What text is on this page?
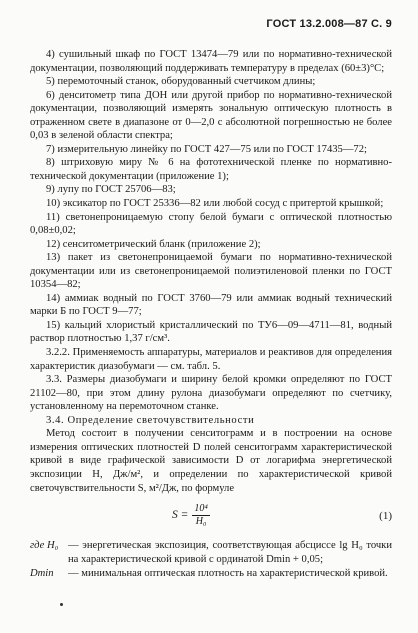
ГОСТ 13.2.008—87 С. 9

4) сушильный шкаф по ГОСТ 13474—79 или по нормативно-технической документации, позволяющий поддерживать температуру в пределах (60±3)°С;

5) перемоточный станок, оборудованный счетчиком длины;

6) денситометр типа ДОН или другой прибор по нормативно-технической документации, позволяющий измерять зональную оптическую плотность в отраженном свете в диапазоне от 0—2,0 с абсолютной погрешностью не более 0,03 в зеленой области спектра;

7) измерительную линейку по ГОСТ 427—75 или по ГОСТ 17435—72;

8) штриховую миру № 6 на фототехнической пленке по нормативно-технической документации (приложение 1);

9) лупу по ГОСТ 25706—83;

10) эксикатор по ГОСТ 25336—82 или любой сосуд с притертой крышкой;

11) светонепроницаемую стопу белой бумаги с оптической плотностью 0,08±0,02;

12) сенситометрический бланк (приложение 2);

13) пакет из светонепроницаемой бумаги по нормативно-технической документации или из светонепроницаемой полиэтиленовой пленки по ГОСТ 10354—82;

14) аммиак водный по ГОСТ 3760—79 или аммиак водный технический марки Б по ГОСТ 9—77;

15) кальций хлористый кристаллический по ТУ6—09—4711—81, водный раствор плотностью 1,37 г/см³.

3.2.2. Применяемость аппаратуры, материалов и реактивов для определения характеристик диазобумаги — см. табл. 5.

3.3. Размеры диазобумаги и ширину белой кромки определяют по ГОСТ 21102—80, при этом длину рулона диазобумаги определяют по счетчику, установленному на перемоточном станке.

3.4. Определение светочувствительности

Метод состоит в получении сенситограмм и в построении на основе измерения оптических плотностей D полей сенситограмм характеристической кривой в виде графической зависимости D от логарифма энергетической экспозиции H, Дж/м², и определении по характеристической кривой светочувствительности S, м²/Дж, по формуле

$S = \frac{\text{10⁴}}{\text{H₀}}$	(1)
где H₀ — энергетическая экспозиция, соответствующая абсциссе lg H₀ точки на характеристической кривой с ординатой Dmin + 0,05;
Dmin	— минимальная оптическая плотность на характеристической кривой.
